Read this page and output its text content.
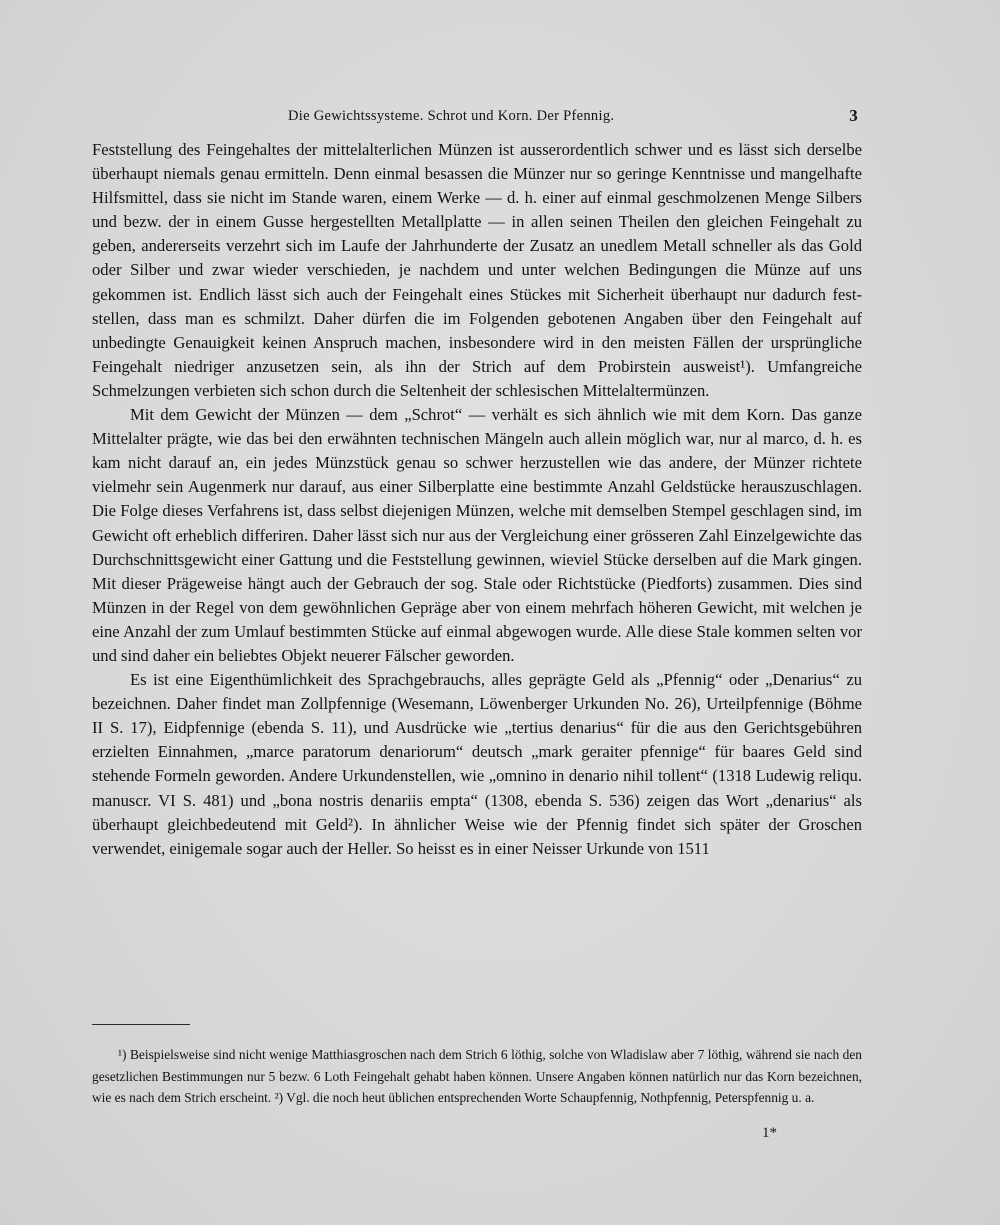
Die Gewichtssysteme. Schrot und Korn. Der Pfennig.	3

Feststellung des Feingehaltes der mittelalterlichen Münzen ist ausserordentlich schwer und es lässt sich derselbe überhaupt niemals genau ermitteln. Denn einmal besassen die Münzer nur so geringe Kenntnisse und mangelhafte Hilfsmittel, dass sie nicht im Stande waren, einem Werke — d. h. einer auf einmal geschmolzenen Menge Silbers und bezw. der in einem Gusse hergestellten Metallplatte — in allen seinen Theilen den gleichen Feingehalt zu geben, andererseits verzehrt sich im Laufe der Jahrhunderte der Zusatz an unedlem Metall schneller als das Gold oder Silber und zwar wieder verschieden, je nachdem und unter welchen Bedingungen die Münze auf uns gekommen ist. Endlich lässt sich auch der Feingehalt eines Stückes mit Sicherheit überhaupt nur dadurch feststellen, dass man es schmilzt. Daher dürfen die im Folgenden gebotenen Angaben über den Feingehalt auf unbedingte Genauigkeit keinen Anspruch machen, insbesondere wird in den meisten Fällen der ursprüngliche Feingehalt niedriger anzusetzen sein, als ihn der Strich auf dem Probirstein ausweist¹). Umfangreiche Schmelzungen verbieten sich schon durch die Seltenheit der schlesischen Mittelaltermünzen.

Mit dem Gewicht der Münzen — dem „Schrot“ — verhält es sich ähnlich wie mit dem Korn. Das ganze Mittelalter prägte, wie das bei den erwähnten technischen Mängeln auch allein möglich war, nur al marco, d. h. es kam nicht darauf an, ein jedes Münzstück genau so schwer herzustellen wie das andere, der Münzer richtete vielmehr sein Augenmerk nur darauf, aus einer Silberplatte eine bestimmte Anzahl Geldstücke herauszuschlagen. Die Folge dieses Verfahrens ist, dass selbst diejenigen Münzen, welche mit demselben Stempel geschlagen sind, im Gewicht oft erheblich differiren. Daher lässt sich nur aus der Vergleichung einer grösseren Zahl Einzelgewichte das Durchschnittsgewicht einer Gattung und die Feststellung gewinnen, wieviel Stücke derselben auf die Mark gingen. Mit dieser Prägeweise hängt auch der Gebrauch der sog. Stale oder Richtstücke (Piedforts) zusammen. Dies sind Münzen in der Regel von dem gewöhnlichen Gepräge aber von einem mehrfach höheren Gewicht, mit welchen je eine Anzahl der zum Umlauf bestimmten Stücke auf einmal abgewogen wurde. Alle diese Stale kommen selten vor und sind daher ein beliebtes Objekt neuerer Fälscher geworden.

Es ist eine Eigenthümlichkeit des Sprachgebrauchs, alles geprägte Geld als „Pfennig“ oder „Denarius“ zu bezeichnen. Daher findet man Zollpfennige (Wesemann, Löwenberger Urkunden No. 26), Urteilpfennige (Böhme II S. 17), Eidpfennige (ebenda S. 11), und Ausdrücke wie „tertius denarius“ für die aus den Gerichtsgebühren erzielten Einnahmen, „marce paratorum denariorum“ deutsch „mark geraiter pfennige“ für baares Geld sind stehende Formeln geworden. Andere Urkundenstellen, wie „omnino in denario nihil tollent“ (1318 Ludewig reliqu. manuscr. VI S. 481) und „bona nostris denariis empta“ (1308, ebenda S. 536) zeigen das Wort „denarius“ als überhaupt gleichbedeutend mit Geld²). In ähnlicher Weise wie der Pfennig findet sich später der Groschen verwendet, einigemale sogar auch der Heller. So heisst es in einer Neisser Urkunde von 1511

¹) Beispielsweise sind nicht wenige Matthiasgroschen nach dem Strich 6 löthig, solche von Wladislaw aber 7 löthig, während sie nach den gesetzlichen Bestimmungen nur 5 bezw. 6 Loth Feingehalt gehabt haben können. Unsere Angaben können natürlich nur das Korn bezeichnen, wie es nach dem Strich erscheint. ²) Vgl. die noch heut üblichen entsprechenden Worte Schaupfennig, Nothpfennig, Peterspfennig u. a.

1*
